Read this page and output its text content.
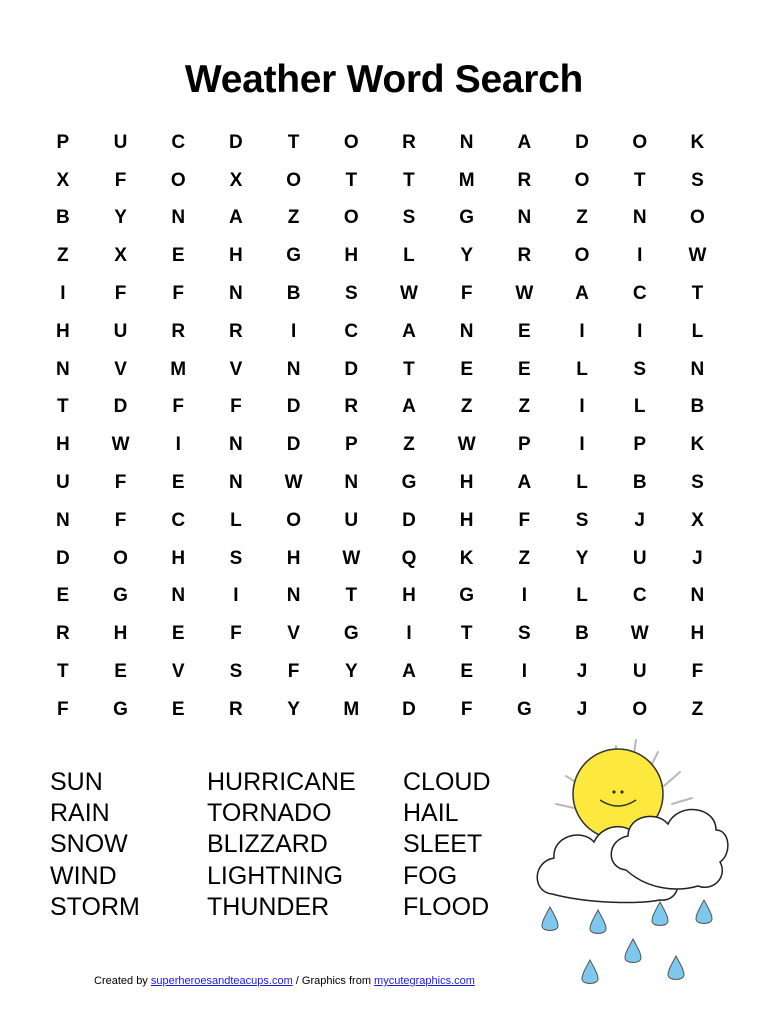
Weather Word Search
P	U	C	D	T	O	R	N	A	D	O	K
X	F	O	X	O	T	T	M	R	O	T	S
B	Y	N	A	Z	O	S	G	N	Z	N	O
Z	X	E	H	G	H	L	Y	R	O	I	W
I	F	F	N	B	S	W	F	W	A	C	T
H	U	R	R	I	C	A	N	E	I	I	L
N	V	M	V	N	D	T	E	E	L	S	N
T	D	F	F	D	R	A	Z	Z	I	L	B
H	W	I	N	D	P	Z	W	P	I	P	K
U	F	E	N	W	N	G	H	A	L	B	S
N	F	C	L	O	U	D	H	F	S	J	X
D	O	H	S	H	W	Q	K	Z	Y	U	J
E	G	N	I	N	T	H	G	I	L	C	N
R	H	E	F	V	G	I	T	S	B	W	H
T	E	V	S	F	Y	A	E	I	J	U	F
F	G	E	R	Y	M	D	F	G	J	O	Z
SUN
RAIN
SNOW
WIND
STORM
HURRICANE
TORNADO
BLIZZARD
LIGHTNING
THUNDER
CLOUD
HAIL
SLEET
FOG
FLOOD
Created by superheroesandteacups.com / Graphics from mycutegraphics.com
